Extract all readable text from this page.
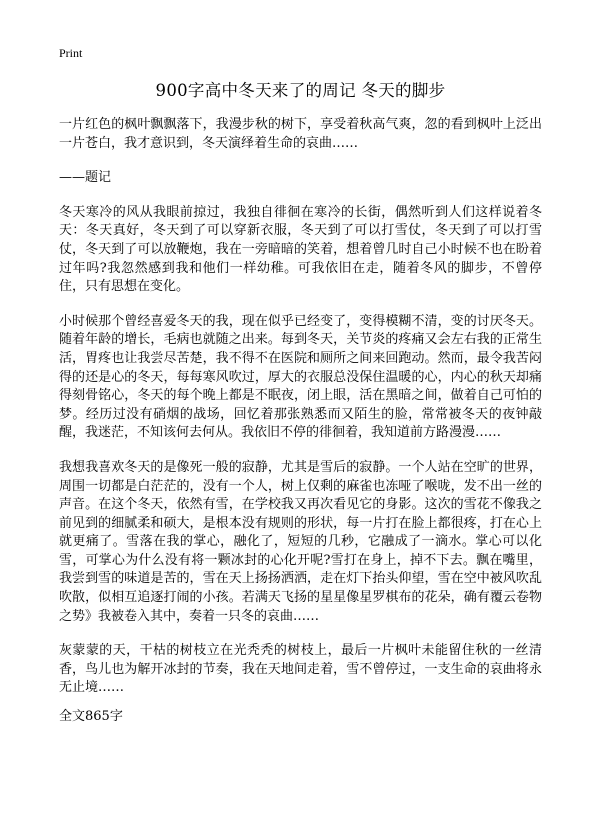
Print
900字高中冬天来了的周记 冬天的脚步

一片红色的枫叶飘飘落下，我漫步秋的树下，享受着秋高气爽，忽的看到枫叶上泛出一片苍白，我才意识到，冬天演绎着生命的哀曲……

——题记

冬天寒冷的风从我眼前掠过，我独自徘徊在寒冷的长街，偶然听到人们这样说着冬天：冬天真好，冬天到了可以穿新衣服，冬天到了可以打雪仗，冬天到了可以打雪仗，冬天到了可以放鞭炮，我在一旁暗暗的笑着，想着曾几时自己小时候不也在盼着过年吗?我忽然感到我和他们一样幼稚。可我依旧在走，随着冬风的脚步，不曾停住，只有思想在变化。

小时候那个曾经喜爱冬天的我，现在似乎已经变了，变得模糊不清，变的讨厌冬天。随着年龄的增长，毛病也就随之出来。每到冬天，关节炎的疼痛又会左右我的正常生活，胃疼也让我尝尽苦楚，我不得不在医院和厕所之间来回跑动。然而，最令我苦闷得的还是心的冬天，每每寒风吹过，厚大的衣服总没保住温暖的心，内心的秋天却痛得刻骨铭心，冬天的每个晚上都是不眠夜，闭上眼，活在黑暗之间，做着自己可怕的梦。经历过没有硝烟的战场，回忆着那张熟悉而又陌生的脸，常常被冬天的夜钟敲醒，我迷茫，不知该何去何从。我依旧不停的徘徊着，我知道前方路漫漫……

我想我喜欢冬天的是像死一般的寂静，尤其是雪后的寂静。一个人站在空旷的世界，周围一切都是白茫茫的，没有一个人，树上仅剩的麻雀也冻哑了喉咙，发不出一丝的声音。在这个冬天，依然有雪，在学校我又再次看见它的身影。这次的雪花不像我之前见到的细腻柔和硕大，是根本没有规则的形状，每一片打在脸上都很疼，打在心上就更痛了。雪落在我的掌心，融化了，短短的几秒，它融成了一滴水。掌心可以化雪，可掌心为什么没有将一颗冰封的心化开呢?雪打在身上，掉不下去。飘在嘴里，我尝到雪的味道是苦的，雪在天上扬扬洒洒，走在灯下抬头仰望，雪在空中被风吹乱吹散，似相互追逐打闹的小孩。若满天飞扬的星星像星罗棋布的花朵，确有覆云卷物之势》我被卷入其中，奏着一只冬的哀曲……

灰蒙蒙的天，干枯的树枝立在光秃秃的树枝上，最后一片枫叶未能留住秋的一丝清香，鸟儿也为解开冰封的节奏，我在天地间走着，雪不曾停过，一支生命的哀曲将永无止境……

全文865字
